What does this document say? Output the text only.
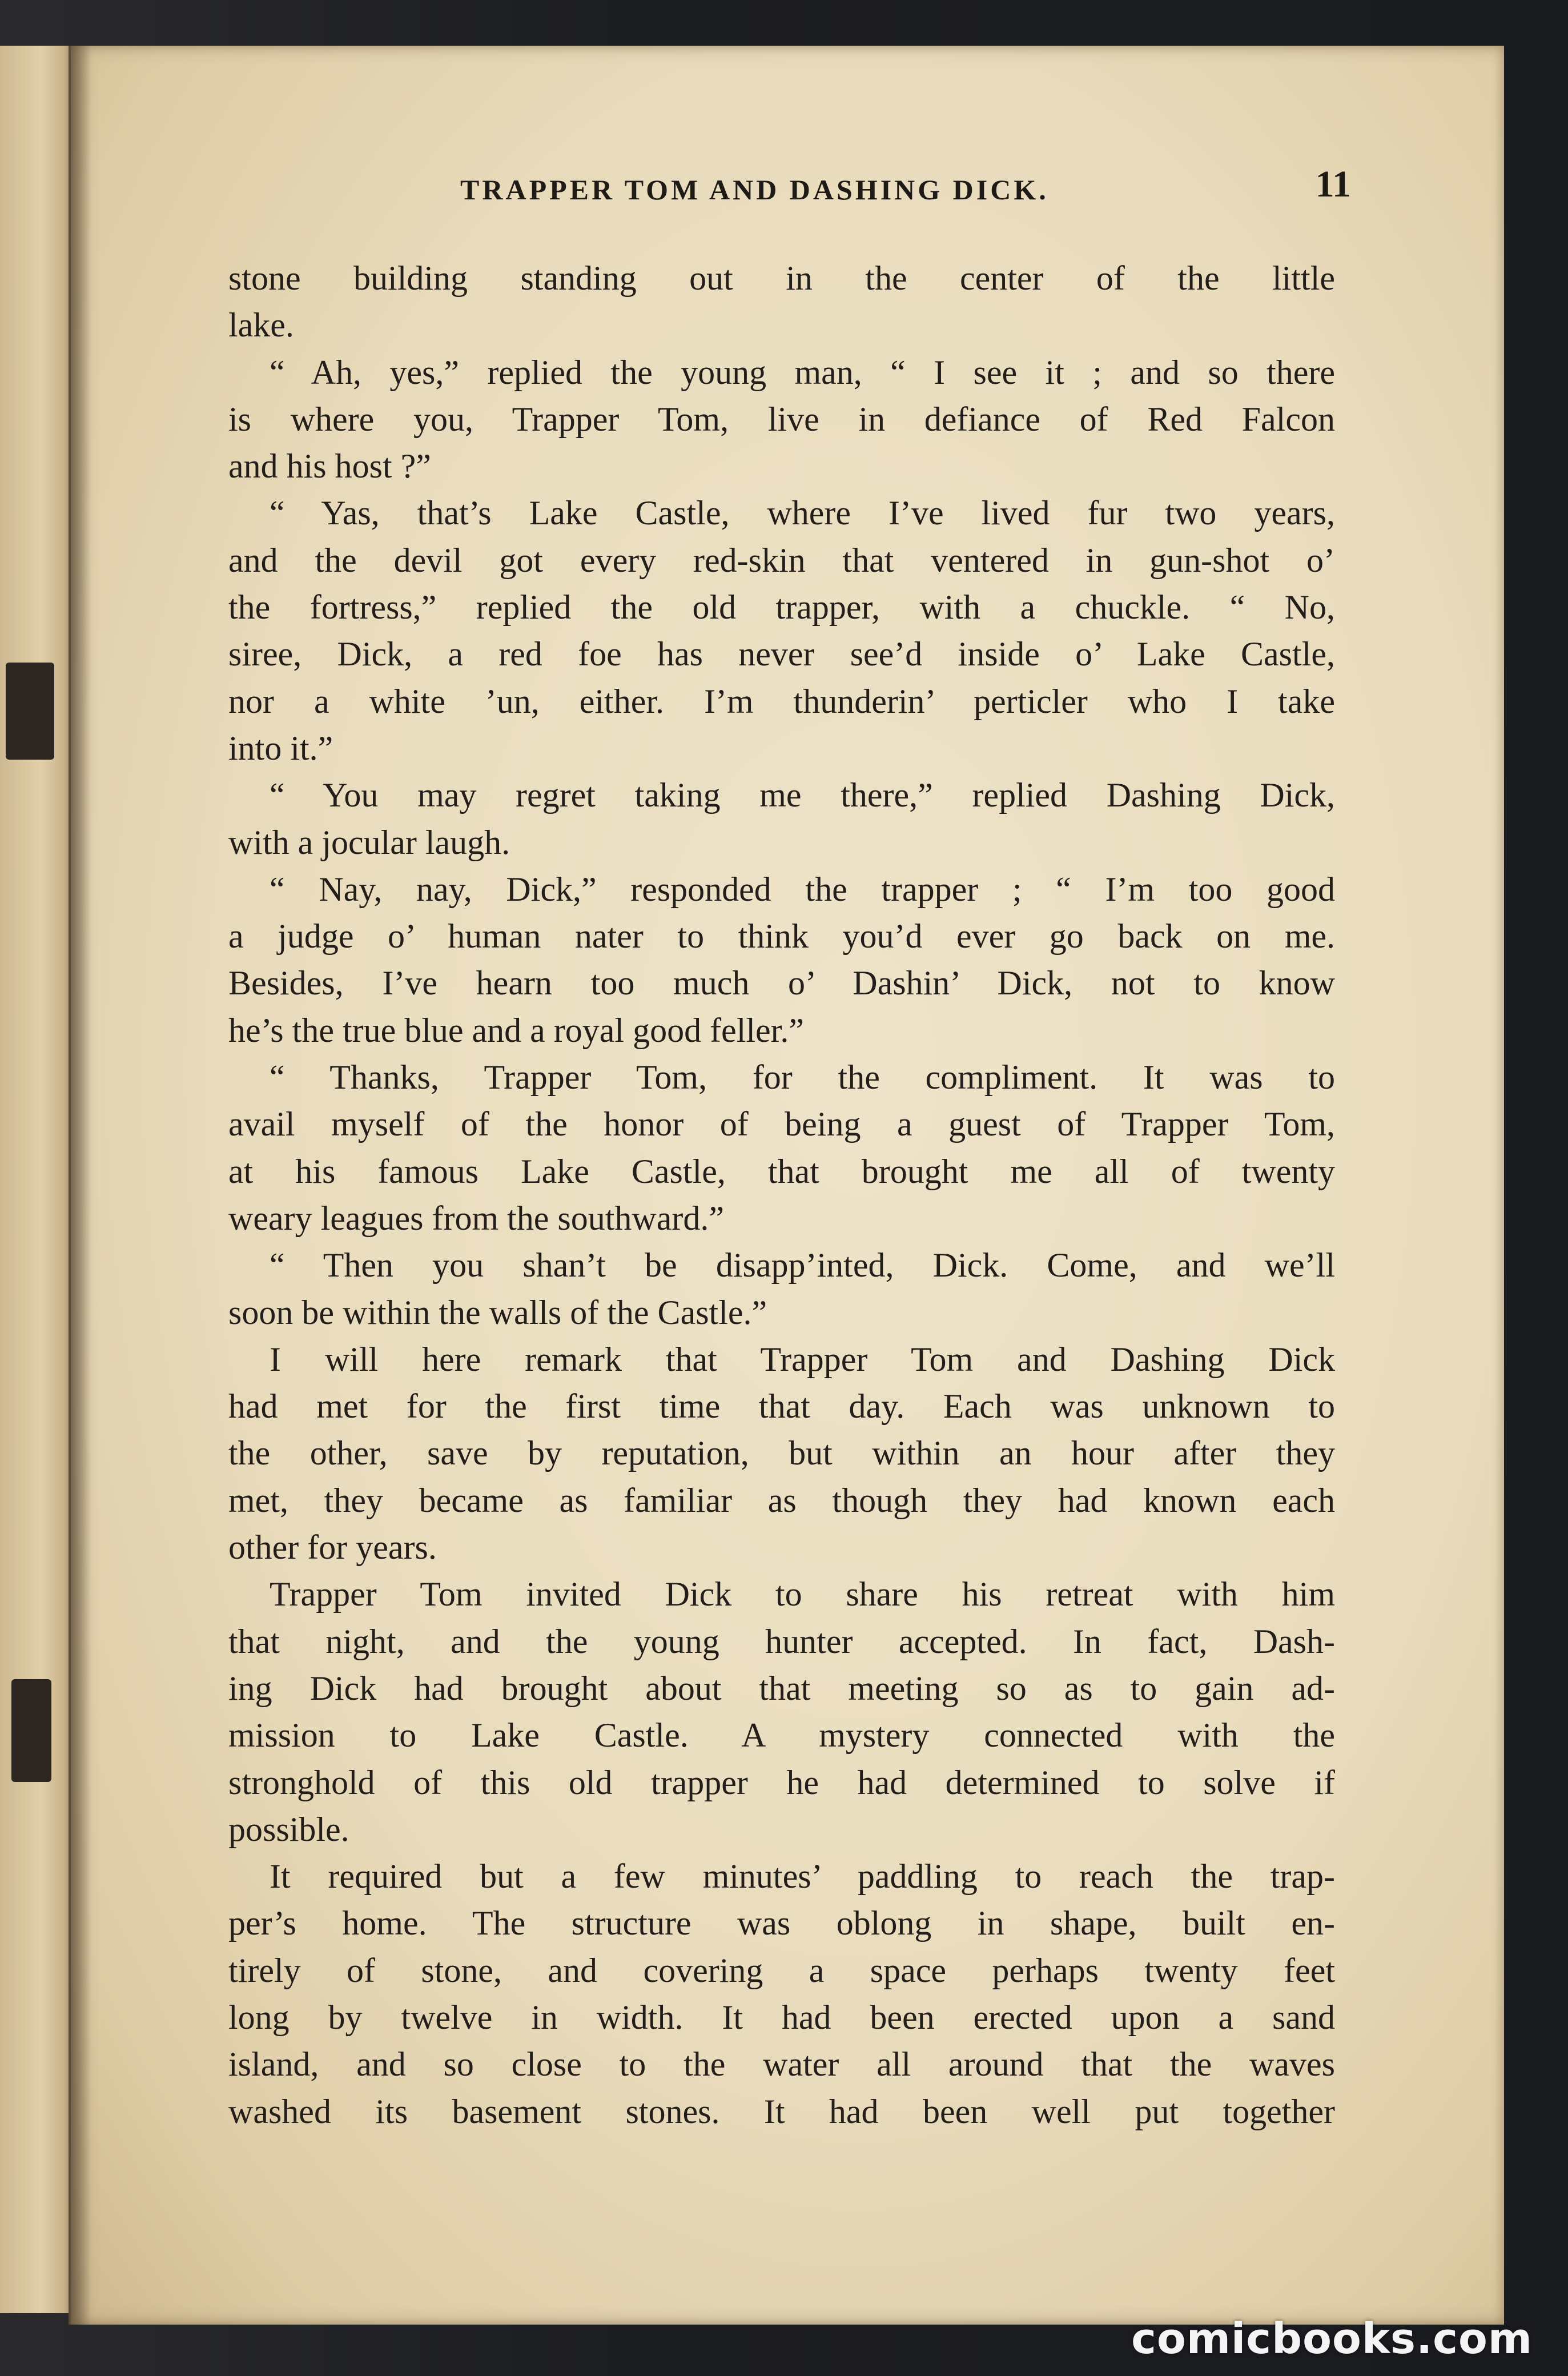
TRAPPER TOM AND DASHING DICK.	11
stone building standing out in the center of the little
lake.
“ Ah, yes,” replied the young man, “ I see it ; and so there
is where you, Trapper Tom, live in defiance of Red Falcon
and his host ?”
“ Yas, that’s Lake Castle, where I’ve lived fur two years,
and the devil got every red-skin that ventered in gun-shot o’
the fortress,” replied the old trapper, with a chuckle. “ No,
siree, Dick, a red foe has never see’d inside o’ Lake Castle,
nor a white ’un, either. I’m thunderin’ perticler who I take
into it.”
“ You may regret taking me there,” replied Dashing Dick,
with a jocular laugh.
“ Nay, nay, Dick,” responded the trapper ; “ I’m too good
a judge o’ human nater to think you’d ever go back on me.
Besides, I’ve hearn too much o’ Dashin’ Dick, not to know
he’s the true blue and a royal good feller.”
“ Thanks, Trapper Tom, for the compliment. It was to
avail myself of the honor of being a guest of Trapper Tom,
at his famous Lake Castle, that brought me all of twenty
weary leagues from the southward.”
“ Then you shan’t be disapp’inted, Dick. Come, and we’ll
soon be within the walls of the Castle.”
I will here remark that Trapper Tom and Dashing Dick
had met for the first time that day. Each was unknown to
the other, save by reputation, but within an hour after they
met, they became as familiar as though they had known each
other for years.
Trapper Tom invited Dick to share his retreat with him
that night, and the young hunter accepted. In fact, Dash-
ing Dick had brought about that meeting so as to gain ad-
mission to Lake Castle. A mystery connected with the
stronghold of this old trapper he had determined to solve if
possible.
It required but a few minutes’ paddling to reach the trap-
per’s home. The structure was oblong in shape, built en-
tirely of stone, and covering a space perhaps twenty feet
long by twelve in width. It had been erected upon a sand
island, and so close to the water all around that the waves
washed its basement stones. It had been well put together
comicbooks.com
